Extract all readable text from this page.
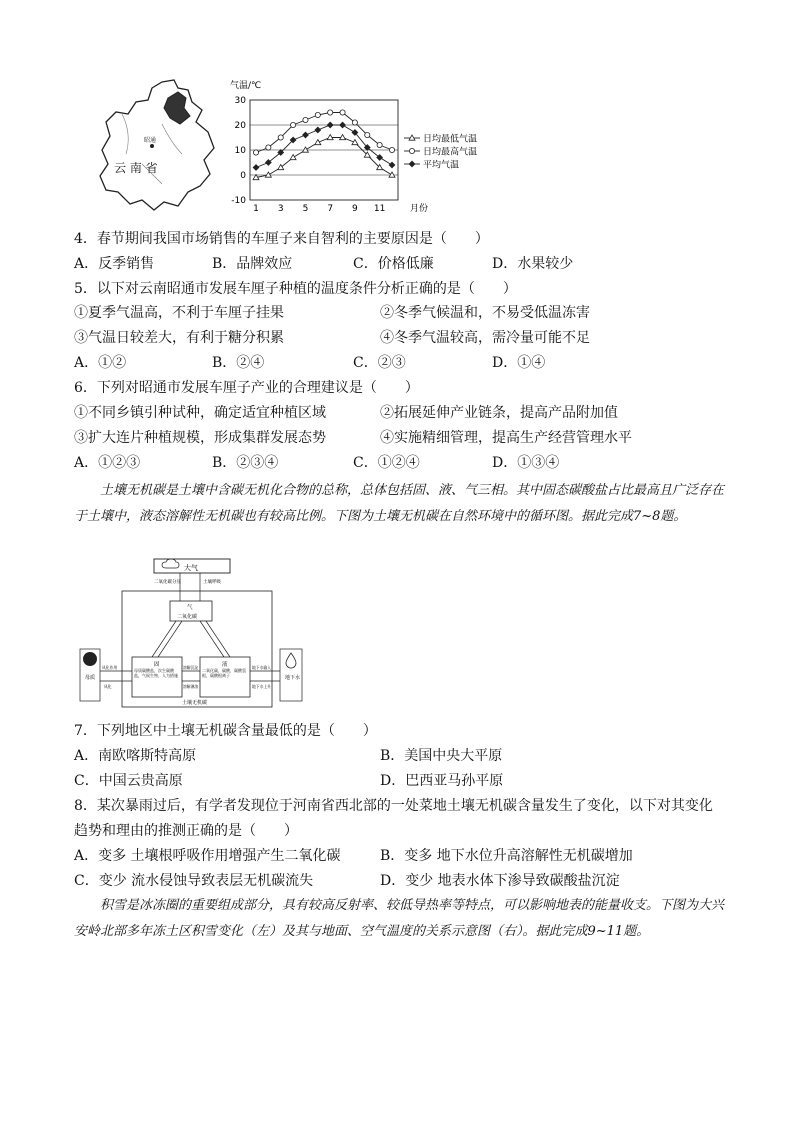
昭通
云 南 省
-10
0
10
20
30
1 3 5 7 9 11	月份
气温/℃
日均最低气温
日均最高气温
平均气温
4．春节期间我国市场销售的车厘子来自智利的主要原因是（　　）
A．反季销售	B．品牌效应	C．价格低廉	D．水果较少
5．以下对云南昭通市发展车厘子种植的温度条件分析正确的是（　　）
①夏季气温高，不利于车厘子挂果	②冬季气候温和，不易受低温冻害
③气温日较差大，有利于糖分积累	④冬季气温较高，需冷量可能不足
A．①②	B．②④	C．②③	D．①④
6．下列对昭通市发展车厘子产业的合理建议是（　　）
①不同乡镇引种试种，确定适宜种植区域	②拓展延伸产业链条，提高产品附加值
③扩大连片种植规模，形成集群发展态势	④实施精细管理，提高生产经营管理水平
A．①②③	B．②③④	C．①②④	D．①③④
土壤无机碳是土壤中含碳无机化合物的总称，总体包括固、液、气三相。其中固态碳酸盐占比最高且广泛存在于土壤中，液态溶解性无机碳也有较高比例。下图为土壤无机碳在自然环境中的循环图。据此完成7~8题。
大气
二氧化碳分压	土壤呼吸
气
二氧化碳
固
母质碳酸盐，次生碳酸盐，气候生物，人为措施
液
二氧化碳，碳酸，碳酸氢根，碳酸根离子
溶解沉淀
溶解淋溶
母质
风化作用
风化
地下水
地下水输入
地下水上升
土壤无机碳
7．下列地区中土壤无机碳含量最低的是（　　）
A．南欧喀斯特高原	B．美国中央大平原
C．中国云贵高原	D．巴西亚马孙平原
8．某次暴雨过后，有学者发现位于河南省西北部的一处菜地土壤无机碳含量发生了变化，以下对其变化
趋势和理由的推测正确的是（　　）
A．变多 土壤根呼吸作用增强产生二氧化碳	B．变多 地下水位升高溶解性无机碳增加
C．变少 流水侵蚀导致表层无机碳流失	D．变少 地表水体下渗导致碳酸盐沉淀
积雪是冰冻圈的重要组成部分，具有较高反射率、较低导热率等特点，可以影响地表的能量收支。下图为大兴安岭北部多年冻土区积雪变化（左）及其与地面、空气温度的关系示意图（右）。据此完成9~11题。
